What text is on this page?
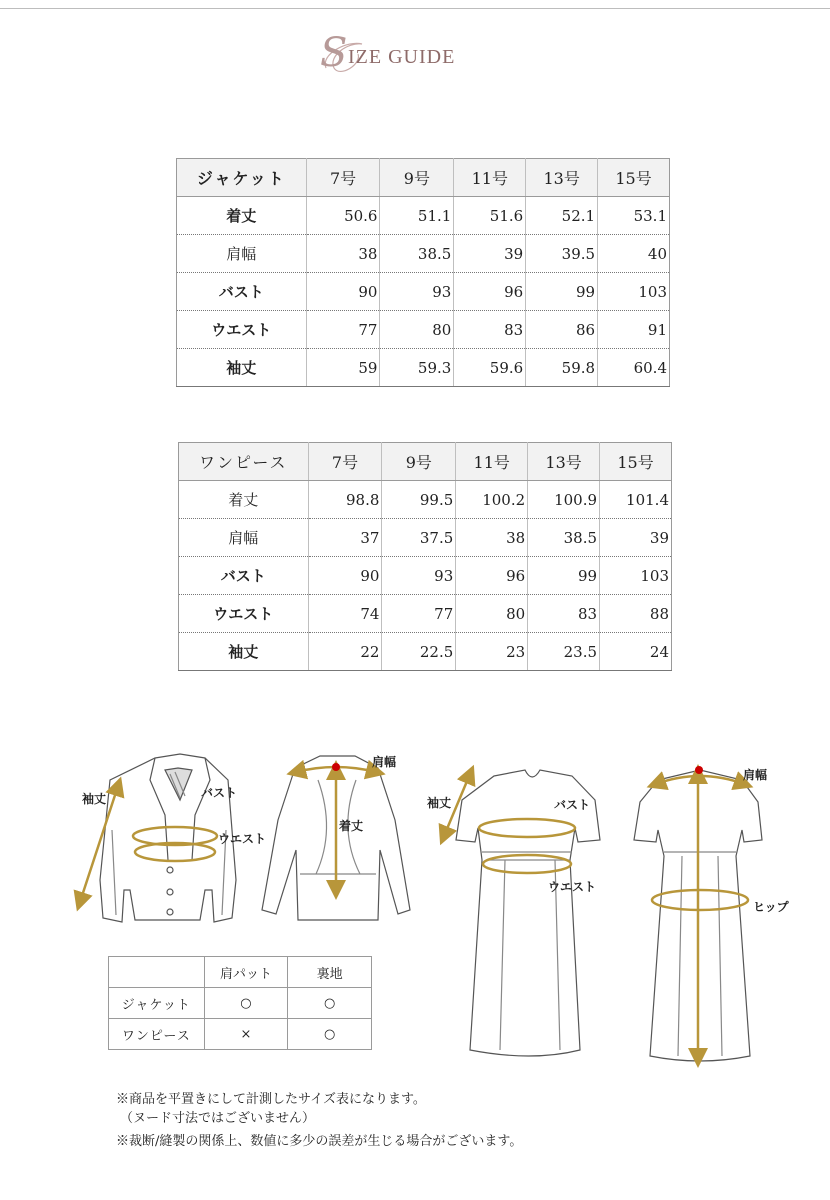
S IZE GUIDE
ジャケット	7号	9号	11号	13号	15号
着丈	50.6	51.1	51.6	52.1	53.1
肩幅	38	38.5	39	39.5	40
バスト	90	93	96	99	103
ウエスト	77	80	83	86	91
袖丈	59	59.3	59.6	59.8	60.4
ワンピース	7号	9号	11号	13号	15号
着丈	98.8	99.5	100.2	100.9	101.4
肩幅	37	37.5	38	38.5	39
バスト	90	93	96	99	103
ウエスト	74	77	80	83	88
袖丈	22	22.5	23	23.5	24
袖丈	バスト
ウエスト
肩幅
着丈
袖丈	バスト
ウエスト
肩幅
ヒップ
	肩パット	裏地
ジャケット	○	○
ワンピース	×	○

※商品を平置きにして計測したサイズ表になります。

（ヌード寸法ではございません）

※裁断/縫製の関係上、数値に多少の誤差が生じる場合がございます。
